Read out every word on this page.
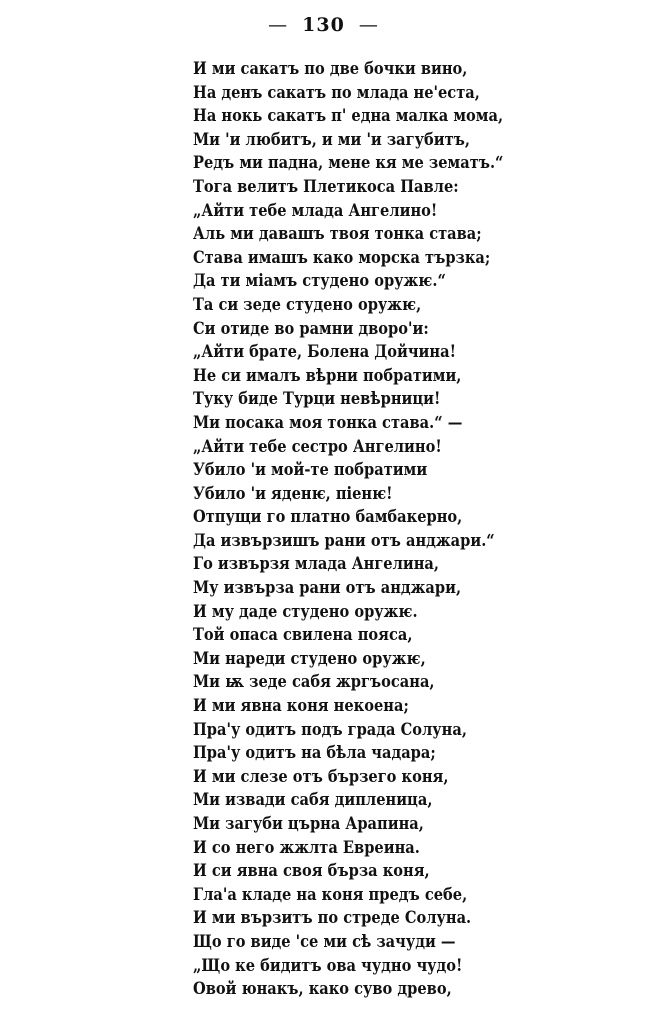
— 130 —
И ми сакатъ по две бочки вино,
На денъ сакатъ по млада не'еста,
На нокь сакатъ п' една малка мома,
Ми 'и любитъ, и ми 'и загубитъ,
Редъ ми падна, мене кя ме зематъ.“
Тога велитъ Плетикоса Павле:
„Айти тебе млада Ангелино!
Аль ми давашъ твоя тонка става;
Става имашъ како морска тързка;
Да ти міамъ студено оружѥ.“
Та си зеде студено оружѥ,
Си отиде во рамни дворо'и:
„Айти брате, Болена Дойчина!
Не си ималъ вѣрни побратими,
Туку биде Турци невѣрници!
Ми посака моя тонка става.“ —
„Айти тебе сестро Ангелино!
Убило 'и мой-те побратими
Убило 'и яденѥ, піенѥ!
Отпущи го платно бамбакерно,
Да извързишъ рани отъ анджари.“
Го извързя млада Ангелина,
Му извърза рани отъ анджари,
И му даде студено оружѥ.
Той опаса свилена пояса,
Ми нареди студено оружѥ,
Ми ѭ зеде сабя жргъосана,
И ми явна коня некоена;
Пра'у одитъ подъ града Солуна,
Пра'у одитъ на бѣла чадара;
И ми слезе отъ бързего коня,
Ми извади сабя дипленица,
Ми загуби църна Арапина,
И со него жжлта Евреина.
И си явна своя бърза коня,
Гла'а кладе на коня предъ себе,
И ми вързитъ по стреде Солуна.
Що го виде 'се ми сѣ зачуди —
„Що ке бидитъ ова чудно чудо!
Овой юнакъ, како суво древо,
